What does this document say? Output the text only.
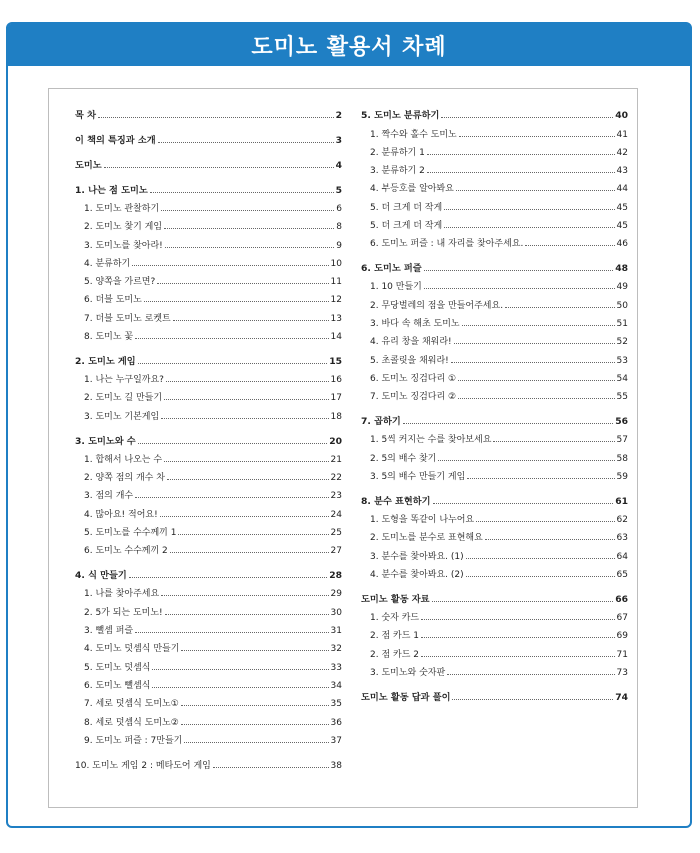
도미노 활용서 차례
목 차	2
이 책의 특징과 소개	3
도미노	4
1. 나는 점 도미노	5
1. 도미노 관찰하기	6
2. 도미노 찾기 게임	8
3. 도미노를 찾아라!	9
4. 분류하기	10
5. 양쪽을 가르면?	11
6. 더블 도미노	12
7. 더블 도미노 로켓트	13
8. 도미노 꽃	14
2. 도미노 게임	15
1. 나는 누구일까요?	16
2. 도미노 길 만들기	17
3. 도미노 기본게임	18
3. 도미노와 수	20
1. 합해서 나오는 수	21
2. 양쪽 점의 개수 차	22
3. 점의 개수	23
4. 많아요! 적어요!	24
5. 도미노를 수수께끼 1	25
6. 도미노 수수께끼 2	27
4. 식 만들기	28
1. 나를 찾아주세요	29
2. 5가 되는 도미노!	30
3. 뺄셈 퍼즐	31
4. 도미노 덧셈식 만들기	32
5. 도미노 덧셈식	33
6. 도미노 뺄셈식	34
7. 세로 덧셈식 도미노①	35
8. 세로 덧셈식 도미노②	36
9. 도미노 퍼즐 : 7만들기	37
10. 도미노 게임 2 : 메타도어 게임	38
5. 도미노 분류하기	40
1. 짝수와 홀수 도미노	41
2. 분류하기 1	42
3. 분류하기 2	43
4. 부등호를 알아봐요	44
5. 더 크게 더 작게	45
5. 더 크게 더 작게	45
6. 도미노 퍼즐 : 내 자리를 찾아주세요.	46
6. 도미노 퍼즐	48
1. 10 만들기	49
2. 무당벌레의 점을 만들어주세요.	50
3. 바다 속 해초 도미노	51
4. 유리 창을 채워라!	52
5. 초콜릿을 채워라!	53
6. 도미노 징검다리 ①	54
7. 도미노 징검다리 ②	55
7. 곱하기	56
1. 5씩 커지는 수를 찾아보세요	57
2. 5의 배수 찾기	58
3. 5의 배수 만들기 게임	59
8. 분수 표현하기	61
1. 도형을 똑같이 나누어요	62
2. 도미노를 분수로 표현해요	63
3. 분수를 찾아봐요. (1)	64
4. 분수를 찾아봐요. (2)	65
도미노 활동 자료	66
1. 숫자 카드	67
2. 점 카드 1	69
2. 점 카드 2	71
3. 도미노와 숫자판	73
도미노 활동 답과 풀이	74
